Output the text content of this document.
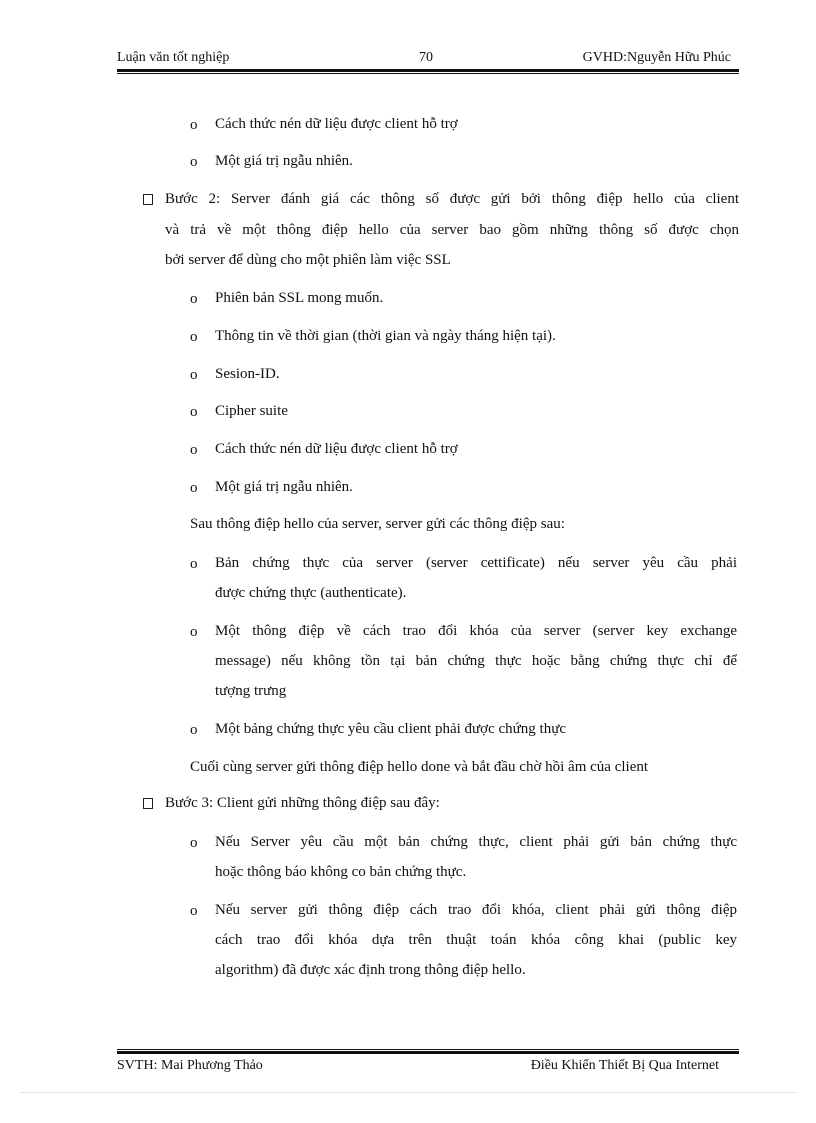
Luận văn tốt nghiệp	70	GVHD:Nguyễn Hữu Phúc
o Cách thức nén dữ liệu được client hỗ trợ
o Một giá trị ngẫu nhiên.
Bước 2: Server đánh giá các thông số được gửi bởi thông điệp hello của client
và trả về một thông điệp hello của server bao gồm những thông số được chọn
bởi server để dùng cho một phiên làm việc SSL
o Phiên bản SSL mong muốn.
o Thông tin về thời gian (thời gian và ngày tháng hiện tại).
o Sesion-ID.
o Cipher suite
o Cách thức nén dữ liệu được client hỗ trợ
o Một giá trị ngẫu nhiên.
Sau thông điệp hello của server, server gửi các thông điệp sau:
o Bản chứng thực của server (server cettificate) nếu server yêu cầu phải
được chứng thực (authenticate).
o Một thông điệp về cách trao đổi khóa của server (server key exchange
message) nếu không tồn tại bản chứng thực hoặc bằng chứng thực chỉ để
tượng trưng
o Một bảng chứng thực yêu cầu client phải được chứng thực
Cuối cùng server gửi thông điệp hello done và bắt đầu chờ hồi âm của client
Bước 3: Client gửi những thông điệp sau đây:
o Nếu Server yêu cầu một bản chứng thực, client phải gửi bản chứng thực
hoặc thông báo không co bản chứng thực.
o Nếu server gửi thông điệp cách trao đổi khóa, client phải gửi thông điệp
cách trao đổi khóa dựa trên thuật toán khóa công khai (public key
algorithm) đã được xác định trong thông điệp hello.
SVTH: Mai Phương Thảo	Điều Khiển Thiết Bị Qua Internet
